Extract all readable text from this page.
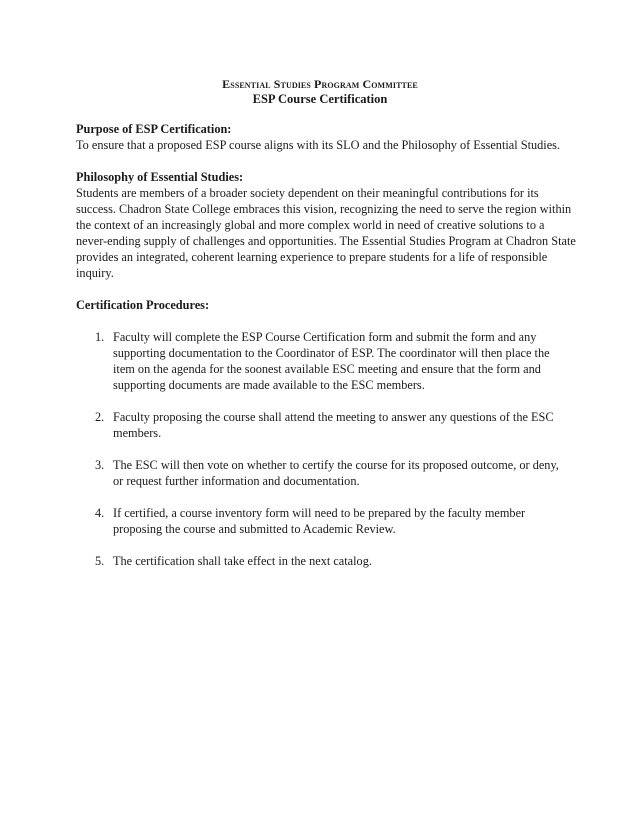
Essential Studies Program Committee
ESP Course Certification

Purpose of ESP Certification:

To ensure that a proposed ESP course aligns with its SLO and the Philosophy of Essential Studies.

Philosophy of Essential Studies:

Students are members of a broader society dependent on their meaningful contributions for its success. Chadron State College embraces this vision, recognizing the need to serve the region within the context of an increasingly global and more complex world in need of creative solutions to a never-ending supply of challenges and opportunities. The Essential Studies Program at Chadron State provides an integrated, coherent learning experience to prepare students for a life of responsible inquiry.

Certification Procedures:

1. Faculty will complete the ESP Course Certification form and submit the form and any supporting documentation to the Coordinator of ESP. The coordinator will then place the item on the agenda for the soonest available ESC meeting and ensure that the form and supporting documents are made available to the ESC members.
2. Faculty proposing the course shall attend the meeting to answer any questions of the ESC members.
3. The ESC will then vote on whether to certify the course for its proposed outcome, or deny, or request further information and documentation.
4. If certified, a course inventory form will need to be prepared by the faculty member proposing the course and submitted to Academic Review.
5. The certification shall take effect in the next catalog.
